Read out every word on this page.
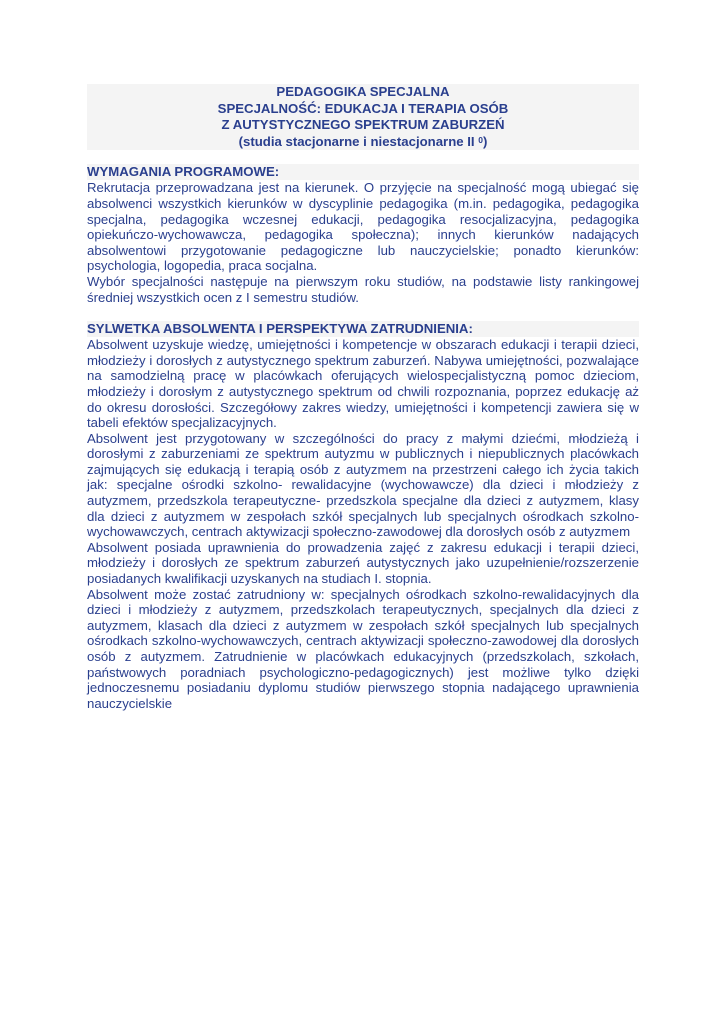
PEDAGOGIKA SPECJALNA

SPECJALNOŚĆ: EDUKACJA I TERAPIA OSÓB

Z AUTYSTYCZNEGO SPEKTRUM ZABURZEŃ

(studia stacjonarne i niestacjonarne II $^0$)

WYMAGANIA PROGRAMOWE:

Rekrutacja przeprowadzana jest na kierunek. O przyjęcie na specjalność mogą ubiegać się absolwenci wszystkich kierunków w dyscyplinie pedagogika (m.in. pedagogika, pedagogika specjalna, pedagogika wczesnej edukacji, pedagogika resocjalizacyjna, pedagogika opiekuńczo-wychowawcza, pedagogika społeczna); innych kierunków nadających absolwentowi przygotowanie pedagogiczne lub nauczycielskie; ponadto kierunków: psychologia, logopedia, praca socjalna.

Wybór specjalności następuje na pierwszym roku studiów, na podstawie listy rankingowej średniej wszystkich ocen z I semestru studiów.

SYLWETKA ABSOLWENTA I PERSPEKTYWA ZATRUDNIENIA:

Absolwent uzyskuje wiedzę, umiejętności i kompetencje w obszarach edukacji i terapii dzieci, młodzieży i dorosłych z autystycznego spektrum zaburzeń. Nabywa umiejętności, pozwalające na samodzielną pracę w placówkach oferujących wielospecjalistyczną pomoc dzieciom, młodzieży i dorosłym z autystycznego spektrum od chwili rozpoznania, poprzez edukację aż do okresu dorosłości. Szczegółowy zakres wiedzy, umiejętności i kompetencji zawiera się w tabeli efektów specjalizacyjnych.

Absolwent jest przygotowany w szczególności do pracy z małymi dziećmi, młodzieżą i dorosłymi z zaburzeniami ze spektrum autyzmu w publicznych i niepublicznych placówkach zajmujących się edukacją i terapią osób z autyzmem na przestrzeni całego ich życia takich jak: specjalne ośrodki szkolno- rewalidacyjne (wychowawcze) dla dzieci i młodzieży z autyzmem, przedszkola terapeutyczne- przedszkola specjalne dla dzieci z autyzmem, klasy dla dzieci z autyzmem w zespołach szkół specjalnych lub specjalnych ośrodkach szkolno-wychowawczych, centrach aktywizacji społeczno-zawodowej dla dorosłych osób z autyzmem

Absolwent posiada uprawnienia do prowadzenia zajęć z zakresu edukacji i terapii dzieci, młodzieży i dorosłych ze spektrum zaburzeń autystycznych jako uzupełnienie/rozszerzenie posiadanych kwalifikacji uzyskanych na studiach I. stopnia.

Absolwent może zostać zatrudniony w: specjalnych ośrodkach szkolno-rewalidacyjnych dla dzieci i młodzieży z autyzmem, przedszkolach terapeutycznych, specjalnych dla dzieci z autyzmem, klasach dla dzieci z autyzmem w zespołach szkół specjalnych lub specjalnych ośrodkach szkolno-wychowawczych, centrach aktywizacji społeczno-zawodowej dla dorosłych osób z autyzmem. Zatrudnienie w placówkach edukacyjnych (przedszkolach, szkołach, państwowych poradniach psychologiczno-pedagogicznych) jest możliwe tylko dzięki jednoczesnemu posiadaniu dyplomu studiów pierwszego stopnia nadającego uprawnienia nauczycielskie
